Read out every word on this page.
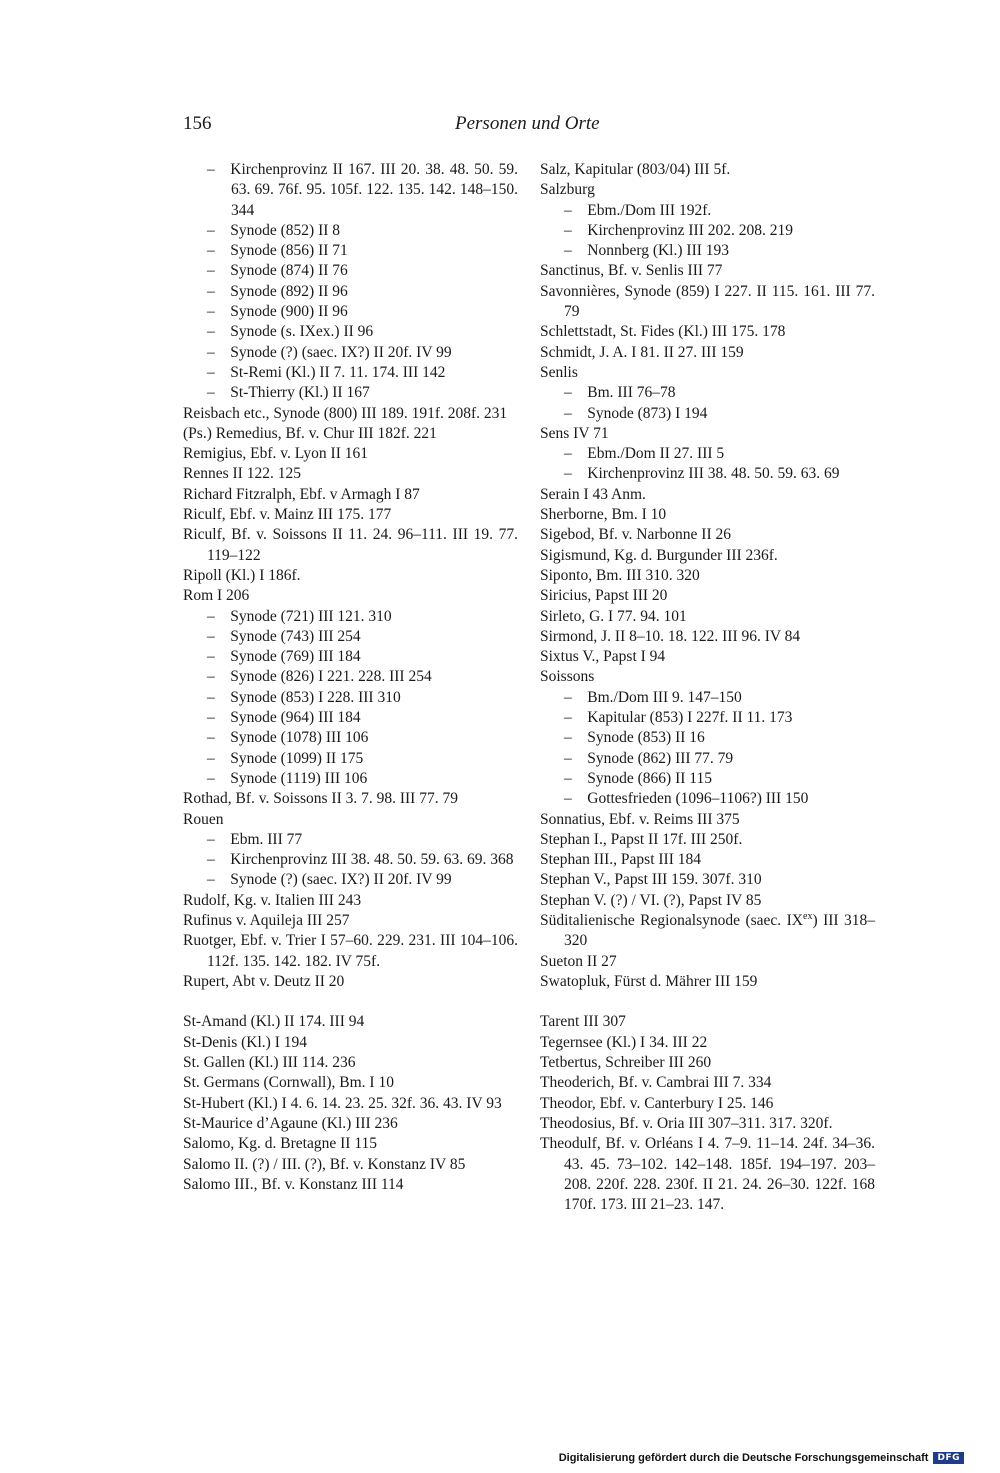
156	Personen und Orte
– Kirchenprovinz II 167. III 20. 38. 48. 50. 59. 63. 69. 76f. 95. 105f. 122. 135. 142. 148–150. 344
– Synode (852) II 8
– Synode (856) II 71
– Synode (874) II 76
– Synode (892) II 96
– Synode (900) II 96
– Synode (s. IXex.) II 96
– Synode (?) (saec. IX?) II 20f. IV 99
– St-Remi (Kl.) II 7. 11. 174. III 142
– St-Thierry (Kl.) II 167
Reisbach etc., Synode (800) III 189. 191f. 208f. 231
(Ps.) Remedius, Bf. v. Chur III 182f. 221
Remigius, Ebf. v. Lyon II 161
Rennes II 122. 125
Richard Fitzralph, Ebf. v Armagh I 87
Riculf, Ebf. v. Mainz III 175. 177
Riculf, Bf. v. Soissons II 11. 24. 96–111. III 19. 77. 119–122
Ripoll (Kl.) I 186f.
Rom I 206
– Synode (721) III 121. 310
– Synode (743) III 254
– Synode (769) III 184
– Synode (826) I 221. 228. III 254
– Synode (853) I 228. III 310
– Synode (964) III 184
– Synode (1078) III 106
– Synode (1099) II 175
– Synode (1119) III 106
Rothad, Bf. v. Soissons II 3. 7. 98. III 77. 79
Rouen
– Ebm. III 77
– Kirchenprovinz III 38. 48. 50. 59. 63. 69. 368
– Synode (?) (saec. IX?) II 20f. IV 99
Rudolf, Kg. v. Italien III 243
Rufinus v. Aquileja III 257
Ruotger, Ebf. v. Trier I 57–60. 229. 231. III 104–106. 112f. 135. 142. 182. IV 75f.
Rupert, Abt v. Deutz II 20
St-Amand (Kl.) II 174. III 94
St-Denis (Kl.) I 194
St. Gallen (Kl.) III 114. 236
St. Germans (Cornwall), Bm. I 10
St-Hubert (Kl.) I 4. 6. 14. 23. 25. 32f. 36. 43. IV 93
St-Maurice d’Agaune (Kl.) III 236
Salomo, Kg. d. Bretagne II 115
Salomo II. (?) / III. (?), Bf. v. Konstanz IV 85
Salomo III., Bf. v. Konstanz III 114
Salz, Kapitular (803/04) III 5f.
Salzburg
– Ebm./Dom III 192f.
– Kirchenprovinz III 202. 208. 219
– Nonnberg (Kl.) III 193
Sanctinus, Bf. v. Senlis III 77
Savonnières, Synode (859) I 227. II 115. 161. III 77. 79
Schlettstadt, St. Fides (Kl.) III 175. 178
Schmidt, J. A. I 81. II 27. III 159
Senlis
– Bm. III 76–78
– Synode (873) I 194
Sens IV 71
– Ebm./Dom II 27. III 5
– Kirchenprovinz III 38. 48. 50. 59. 63. 69
Serain I 43 Anm.
Sherborne, Bm. I 10
Sigebod, Bf. v. Narbonne II 26
Sigismund, Kg. d. Burgunder III 236f.
Siponto, Bm. III 310. 320
Siricius, Papst III 20
Sirleto, G. I 77. 94. 101
Sirmond, J. II 8–10. 18. 122. III 96. IV 84
Sixtus V., Papst I 94
Soissons
– Bm./Dom III 9. 147–150
– Kapitular (853) I 227f. II 11. 173
– Synode (853) II 16
– Synode (862) III 77. 79
– Synode (866) II 115
– Gottesfrieden (1096–1106?) III 150
Sonnatius, Ebf. v. Reims III 375
Stephan I., Papst II 17f. III 250f.
Stephan III., Papst III 184
Stephan V., Papst III 159. 307f. 310
Stephan V. (?) / VI. (?), Papst IV 85
Süditalienische Regionalsynode (saec. $IX^{ex}$) III 318–320
Sueton II 27
Swatopluk, Fürst d. Mährer III 159
Tarent III 307
Tegernsee (Kl.) I 34. III 22
Tetbertus, Schreiber III 260
Theoderich, Bf. v. Cambrai III 7. 334
Theodor, Ebf. v. Canterbury I 25. 146
Theodosius, Bf. v. Oria III 307–311. 317. 320f.
Theodulf, Bf. v. Orléans I 4. 7–9. 11–14. 24f. 34–36. 43. 45. 73–102. 142–148. 185f. 194–197. 203–208. 220f. 228. 230f. II 21. 24. 26–30. 122f. 168 170f. 173. III 21–23. 147.
Digitalisierung gefördert durch die Deutsche Forschungsgemeinschaft	DFG
